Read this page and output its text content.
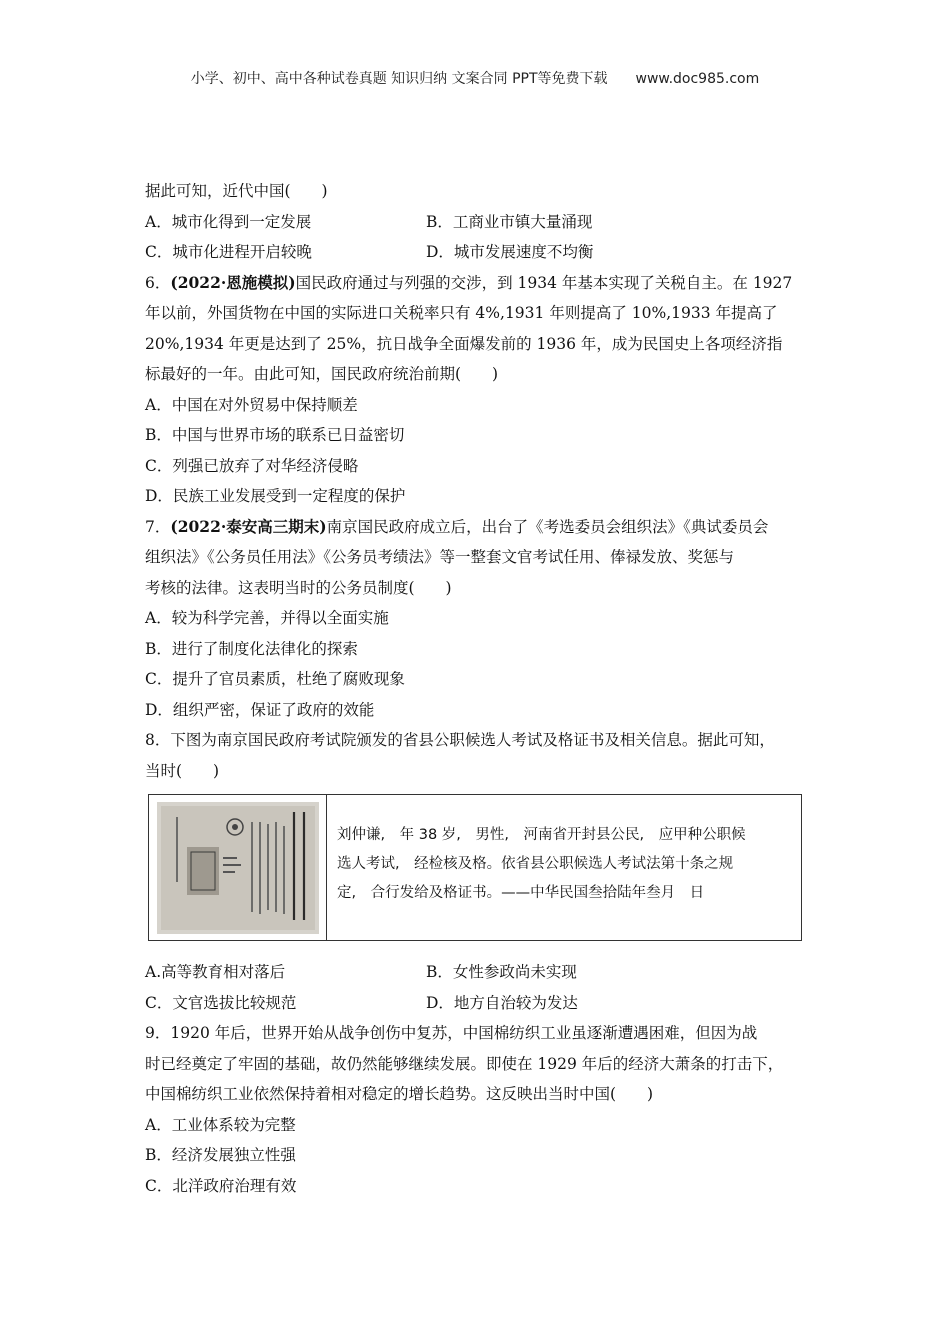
小学、初中、高中各种试卷真题 知识归纳 文案合同 PPT等免费下载 www.doc985.com
据此可知，近代中国(　　)
A．城市化得到一定发展	B．工商业市镇大量涌现
C．城市化进程开启较晚	D．城市发展速度不均衡
6．(2022·恩施模拟)国民政府通过与列强的交涉，到 1934 年基本实现了关税自主。在 1927
年以前，外国货物在中国的实际进口关税率只有 4%,1931 年则提高了 10%,1933 年提高了
20%,1934 年更是达到了 25%，抗日战争全面爆发前的 1936 年，成为民国史上各项经济指
标最好的一年。由此可知，国民政府统治前期(　　)
A．中国在对外贸易中保持顺差
B．中国与世界市场的联系已日益密切
C．列强已放弃了对华经济侵略
D．民族工业发展受到一定程度的保护
7．(2022·泰安高三期末)南京国民政府成立后，出台了《考选委员会组织法》《典试委员会
组织法》《公务员任用法》《公务员考绩法》等一整套文官考试任用、俸禄发放、奖惩与
考核的法律。这表明当时的公务员制度(　　)
A．较为科学完善，并得以全面实施
B．进行了制度化法律化的探索
C．提升了官员素质，杜绝了腐败现象
D．组织严密，保证了政府的效能
8．下图为南京国民政府考试院颁发的省县公职候选人考试及格证书及相关信息。据此可知，
当时(　　)
刘仲谦,　年 38 岁,　男性,　河南省开封县公民,　应甲种公职候
选人考试,　经检核及格。依省县公职候选人考试法第十条之规
定,　合行发给及格证书。——中华民国叁拾陆年叁月　日
A.高等教育相对落后	B．女性参政尚未实现
C．文官选拔比较规范	D．地方自治较为发达
9．1920 年后，世界开始从战争创伤中复苏，中国棉纺织工业虽逐渐遭遇困难，但因为战
时已经奠定了牢固的基础，故仍然能够继续发展。即使在 1929 年后的经济大萧条的打击下，
中国棉纺织工业依然保持着相对稳定的增长趋势。这反映出当时中国(　　)
A．工业体系较为完整
B．经济发展独立性强
C．北洋政府治理有效
